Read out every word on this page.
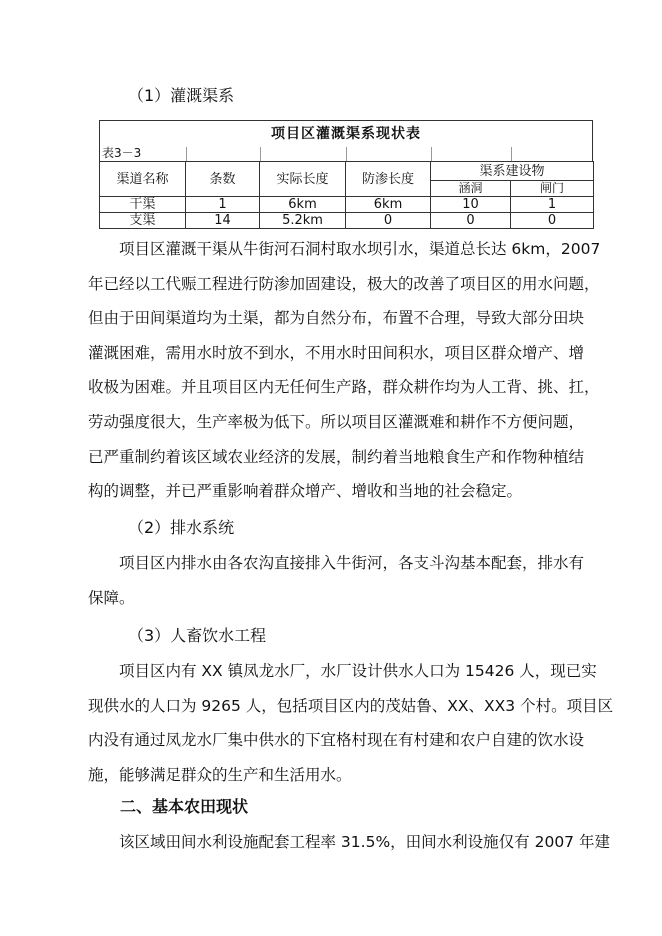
（1）灌溉渠系
项目区灌溉渠系现状表
表3－3
渠道名称	条数	实际长度	防渗长度	渠系建设物	
				涵洞	闸门
干渠	1	6km	6km	10	1
支渠	14	5.2km	0	0	0

项目区灌溉干渠从牛街河石洞村取水坝引水，渠道总长达 6km，2007
年已经以工代赈工程进行防渗加固建设，极大的改善了项目区的用水问题，
但由于田间渠道均为土渠，都为自然分布，布置不合理，导致大部分田块
灌溉困难，需用水时放不到水，不用水时田间积水，项目区群众增产、增
收极为困难。并且项目区内无任何生产路，群众耕作均为人工背、挑、扛，
劳动强度很大，生产率极为低下。所以项目区灌溉难和耕作不方便问题，
已严重制约着该区域农业经济的发展，制约着当地粮食生产和作物种植结
构的调整，并已严重影响着群众增产、增收和当地的社会稳定。

（2）排水系统

项目区内排水由各农沟直接排入牛街河，各支斗沟基本配套，排水有
保障。

（3）人畜饮水工程

项目区内有 XX 镇凤龙水厂，水厂设计供水人口为 15426 人，现已实
现供水的人口为 9265 人，包括项目区内的茂姑鲁、XX、XX3 个村。项目区
内没有通过凤龙水厂集中供水的下宜格村现在有村建和农户自建的饮水设
施，能够满足群众的生产和生活用水。

二、基本农田现状

该区域田间水利设施配套工程率 31.5%，田间水利设施仅有 2007 年建
